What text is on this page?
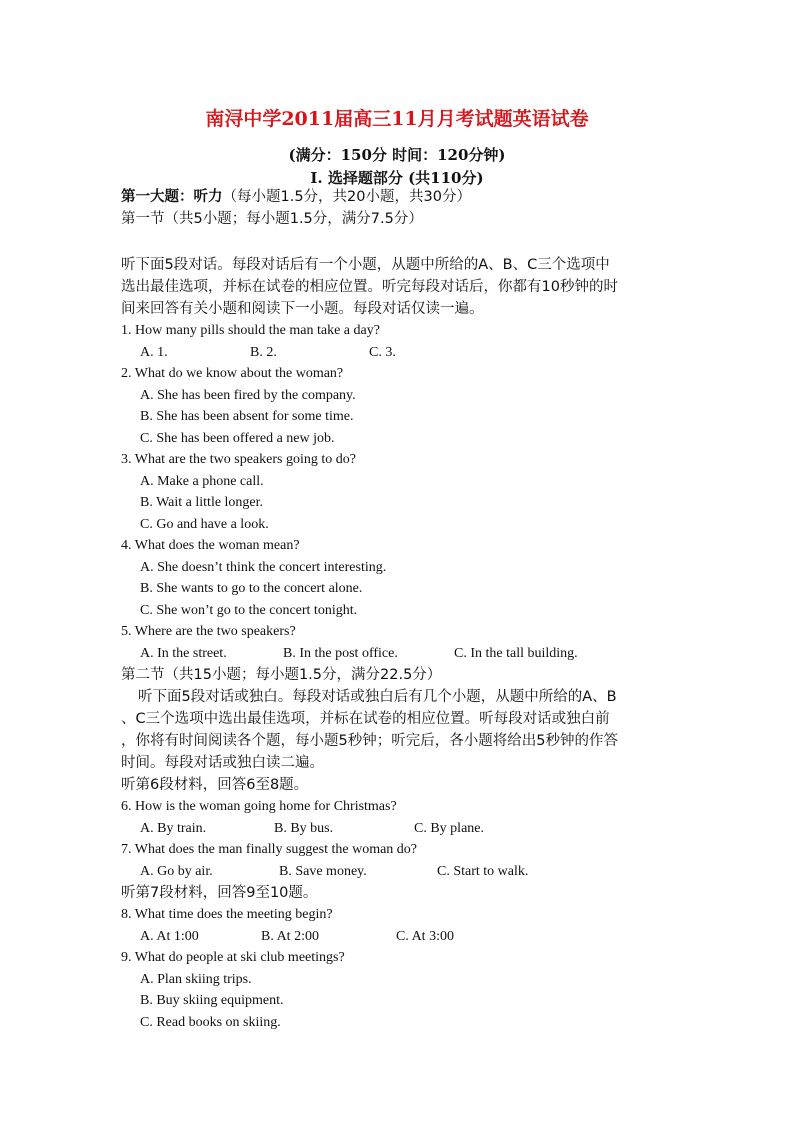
南浔中学2011届高三11月月考试题英语试卷
(满分：150分 时间：120分钟)
I. 选择题部分 (共110分)
第一大题：听力（每小题1.5分，共20小题，共30分）
第一节（共5小题；每小题1.5分，满分7.5分）
听下面5段对话。每段对话后有一个小题，从题中所给的A、B、C三个选项中
选出最佳选项，并标在试卷的相应位置。听完每段对话后，你都有10秒钟的时
间来回答有关小题和阅读下一小题。每段对话仅读一遍。
1. How many pills should the man take a day?
A. 1.	B. 2.	C. 3.
2. What do we know about the woman?
A. She has been fired by the company.
B. She has been absent for some time.
C. She has been offered a new job.
3. What are the two speakers going to do?
A. Make a phone call.
B. Wait a little longer.
C. Go and have a look.
4. What does the woman mean?
A. She doesn’t think the concert interesting.
B. She wants to go to the concert alone.
C. She won’t go to the concert tonight.
5. Where are the two speakers?
A. In the street.	B. In the post office.	C. In the tall building.
第二节（共15小题；每小题1.5分，满分22.5分）
听下面5段对话或独白。每段对话或独白后有几个小题，从题中所给的A、B
、C三个选项中选出最佳选项，并标在试卷的相应位置。听每段对话或独白前
，你将有时间阅读各个题，每小题5秒钟；听完后，各小题将给出5秒钟的作答
时间。每段对话或独白读二遍。
听第6段材料，回答6至8题。
6. How is the woman going home for Christmas?
A. By train.	B. By bus.	C. By plane.
7. What does the man finally suggest the woman do?
A. Go by air.	B. Save money.	C. Start to walk.
听第7段材料，回答9至10题。
8. What time does the meeting begin?
A. At 1:00	B. At 2:00	C. At 3:00
9. What do people at ski club meetings?
A. Plan skiing trips.
B. Buy skiing equipment.
C. Read books on skiing.
